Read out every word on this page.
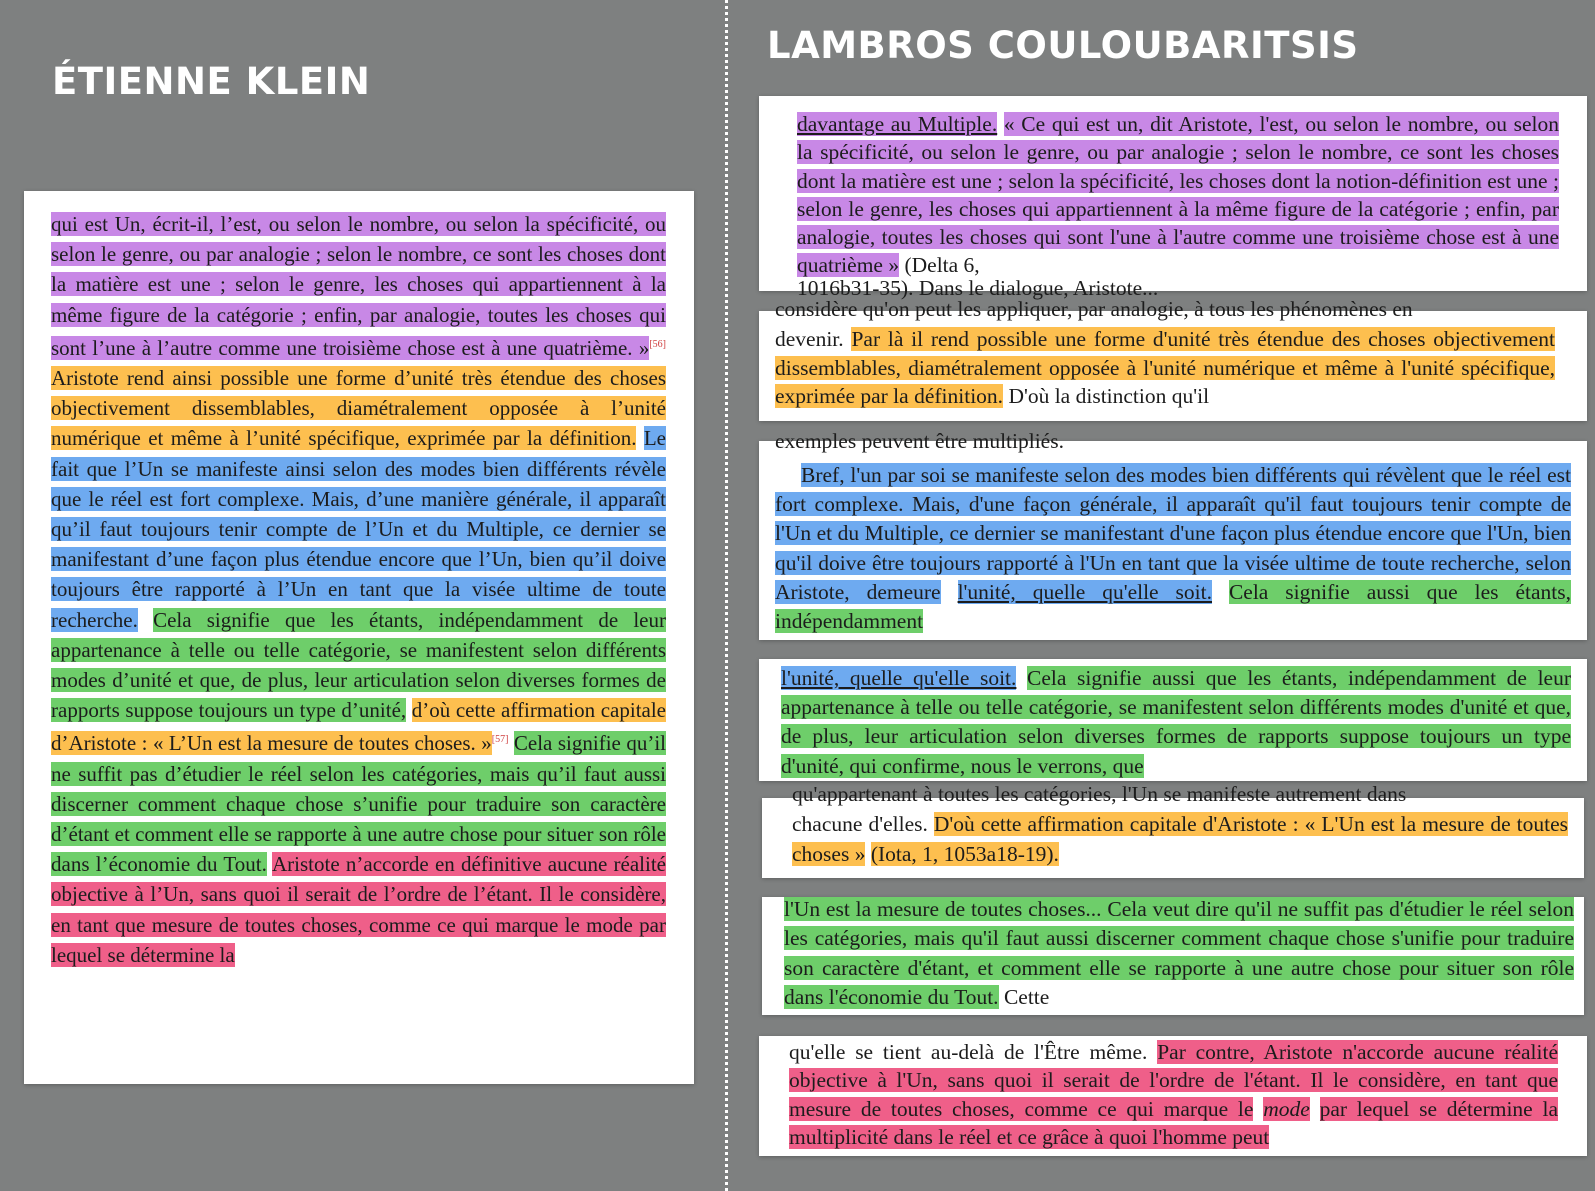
ÉTIENNE KLEIN
LAMBROS COULOUBARITSIS
qui est Un, écrit-il, l’est, ou selon le nombre, ou selon la spécificité, ou selon le genre, ou par analogie ; selon le nombre, ce sont les choses dont la matière est une ; selon le genre, les choses qui appartiennent à la même figure de la catégorie ; enfin, par analogie, toutes les choses qui sont l’une à l’autre comme une troisième chose est à une quatrième. »[56] Aristote rend ainsi possible une forme d’unité très étendue des choses objectivement dissemblables, diamétralement opposée à l’unité numérique et même à l’unité spécifique, exprimée par la définition. Le fait que l’Un se manifeste ainsi selon des modes bien différents révèle que le réel est fort complexe. Mais, d’une manière générale, il apparaît qu’il faut toujours tenir compte de l’Un et du Multiple, ce dernier se manifestant d’une façon plus étendue encore que l’Un, bien qu’il doive toujours être rapporté à l’Un en tant que la visée ultime de toute recherche. Cela signifie que les étants, indépendamment de leur appartenance à telle ou telle catégorie, se manifestent selon différents modes d’unité et que, de plus, leur articulation selon diverses formes de rapports suppose toujours un type d’unité, d’où cette affirmation capitale d’Aristote : « L’Un est la mesure de toutes choses. »[57] Cela signifie qu’il ne suffit pas d’étudier le réel selon les catégories, mais qu’il faut aussi discerner comment chaque chose s’unifie pour traduire son caractère d’étant et comment elle se rapporte à une autre chose pour situer son rôle dans l’économie du Tout. Aristote n’accorde en définitive aucune réalité objective à l’Un, sans quoi il serait de l’ordre de l’étant. Il le considère, en tant que mesure de toutes choses, comme ce qui marque le mode par lequel se détermine la
davantage au Multiple. « Ce qui est un, dit Aristote, l'est, ou selon le nombre, ou selon la spécificité, ou selon le genre, ou par analogie ; selon le nombre, ce sont les choses dont la matière est une ; selon la spécificité, les choses dont la notion-définition est une ; selon le genre, les choses qui appartiennent à la même figure de la catégorie ; enfin, par analogie, toutes les choses qui sont l'une à l'autre comme une troisième chose est à une quatrième » (Delta 6,
1016b31-35). Dans le dialogue, Aristote...
considère qu'on peut les appliquer, par analogie, à tous les phénomènes en
devenir. Par là il rend possible une forme d'unité très étendue des choses objectivement dissemblables, diamétralement opposée à l'unité numérique et même à l'unité spécifique, exprimée par la définition. D'où la distinction qu'il
exemples peuvent être multipliés.
Bref, l'un par soi se manifeste selon des modes bien différents qui révèlent que le réel est fort complexe. Mais, d'une façon générale, il apparaît qu'il faut toujours tenir compte de l'Un et du Multiple, ce dernier se manifestant d'une façon plus étendue encore que l'Un, bien qu'il doive être toujours rapporté à l'Un en tant que la visée ultime de toute recherche, selon Aristote, demeure l'unité, quelle qu'elle soit. Cela signifie aussi que les étants, indépendamment
l'unité, quelle qu'elle soit. Cela signifie aussi que les étants, indépendamment de leur appartenance à telle ou telle catégorie, se manifestent selon différents modes d'unité et que, de plus, leur articulation selon diverses formes de rapports suppose toujours un type d'unité, qui confirme, nous le verrons, que
qu'appartenant à toutes les catégories, l'Un se manifeste autrement dans
chacune d'elles. D'où cette affirmation capitale d'Aristote : « L'Un est la mesure de toutes choses » (Iota, 1, 1053a18-19).
l'Un est la mesure de toutes choses... Cela veut dire qu'il ne suffit pas d'étudier le réel selon les catégories, mais qu'il faut aussi discerner comment chaque chose s'unifie pour traduire son caractère d'étant, et comment elle se rapporte à une autre chose pour situer son rôle dans l'économie du Tout. Cette
qu'elle se tient au-delà de l'Être même. Par contre, Aristote n'accorde aucune réalité objective à l'Un, sans quoi il serait de l'ordre de l'étant. Il le considère, en tant que mesure de toutes choses, comme ce qui marque le mode par lequel se détermine la multiplicité dans le réel et ce grâce à quoi l'homme peut
